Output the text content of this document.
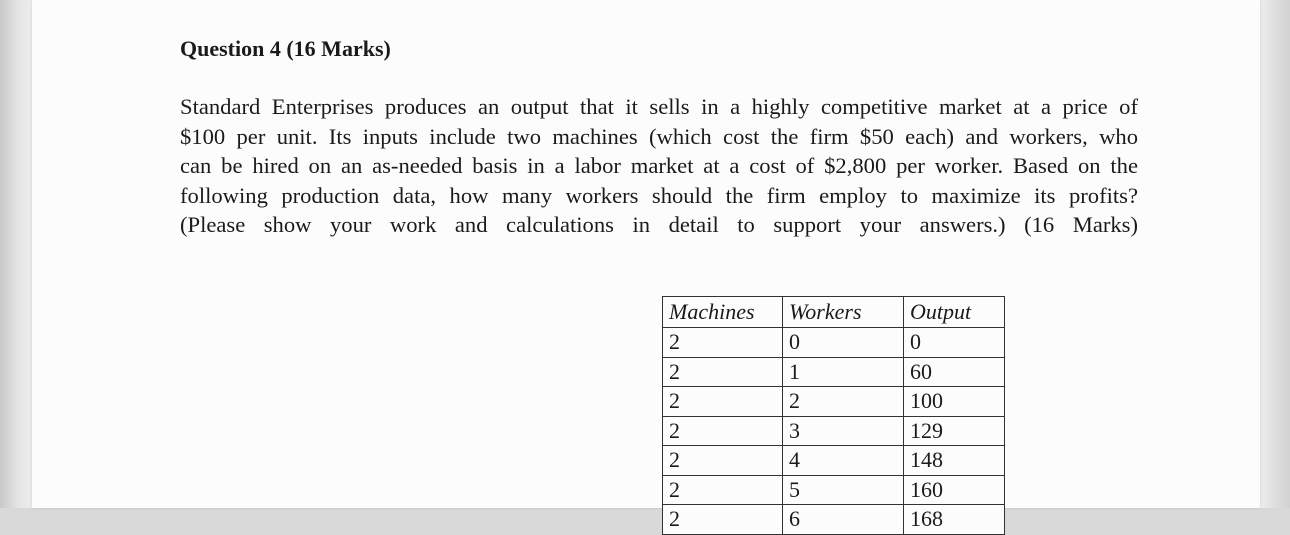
Question 4 (16 Marks)
Standard Enterprises produces an output that it sells in a highly competitive market at a price of
$100 per unit. Its inputs include two machines (which cost the firm $50 each) and workers, who
can be hired on an as-needed basis in a labor market at a cost of $2,800 per worker. Based on the
following production data, how many workers should the firm employ to maximize its profits?
(Please show your work and calculations in detail to support your answers.) (16 Marks)
Machines	Workers	Output
2	0	0
2	1	60
2	2	100
2	3	129
2	4	148
2	5	160
2	6	168
